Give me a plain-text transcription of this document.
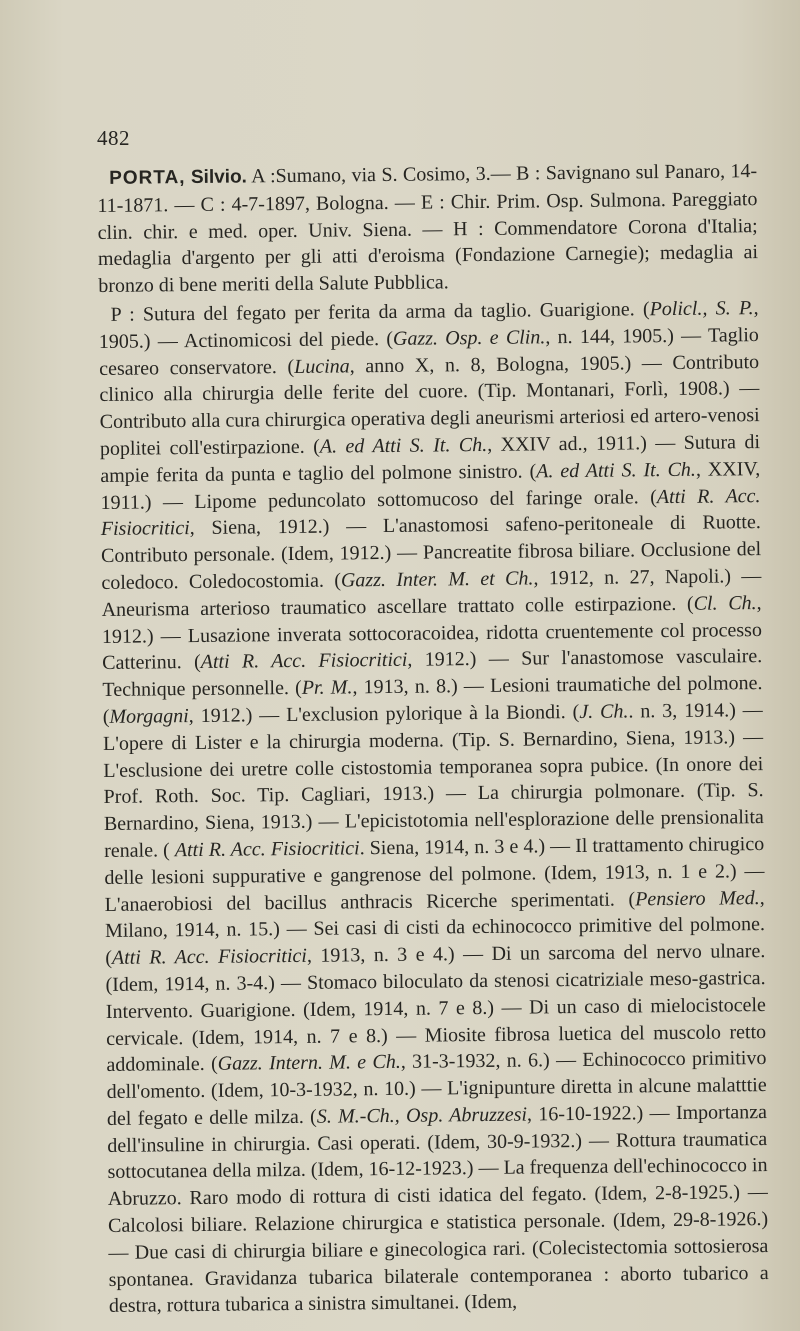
482

PORTA, Silvio. A :Sumano, via S. Cosimo, 3.— B : Savignano sul Panaro, 14-11-1871. — C : 4-7-1897, Bologna. — E : Chir. Prim. Osp. Sulmona. Pareggiato clin. chir. e med. oper. Univ. Siena. — H : Commendatore Corona d'Italia; medaglia d'argento per gli atti d'eroisma (Fondazione Carnegie); medaglia ai bronzo di bene meriti della Salute Pubblica.

P : Sutura del fegato per ferita da arma da taglio. Guarigione. (Policl., S. P., 1905.) — Actinomicosi del piede. (Gazz. Osp. e Clin., n. 144, 1905.) — Taglio cesareo conservatore. (Lucina, anno X, n. 8, Bologna, 1905.) — Contributo clinico alla chirurgia delle ferite del cuore. (Tip. Montanari, Forlì, 1908.) — Contributo alla cura chirurgica operativa degli aneurismi arteriosi ed artero-venosi poplitei coll'estirpazione. (A. ed Atti S. It. Ch., XXIV ad., 1911.) — Sutura di ampie ferita da punta e taglio del polmone sinistro. (A. ed Atti S. It. Ch., XXIV, 1911.) — Lipome peduncolato sottomucoso del faringe orale. (Atti R. Acc. Fisiocritici, Siena, 1912.) — L'anastomosi safeno-peritoneale di Ruotte. Contributo personale. (Idem, 1912.) — Pancreatite fibrosa biliare. Occlusione del coledoco. Coledocostomia. (Gazz. Inter. M. et Ch., 1912, n. 27, Napoli.) — Aneurisma arterioso traumatico ascellare trattato colle estirpazione. (Cl. Ch., 1912.) — Lusazione inverata sottocoracoidea, ridotta cruentemente col processo Catterinu. (Atti R. Acc. Fisiocritici, 1912.) — Sur l'anastomose vasculaire. Technique personnelle. (Pr. M., 1913, n. 8.) — Lesioni traumatiche del polmone. (Morgagni, 1912.) — L'exclusion pylorique à la Biondi. (J. Ch.. n. 3, 1914.) — L'opere di Lister e la chirurgia moderna. (Tip. S. Bernardino, Siena, 1913.) — L'esclusione dei uretre colle cistostomia temporanea sopra pubice. (In onore dei Prof. Roth. Soc. Tip. Cagliari, 1913.) — La chirurgia polmonare. (Tip. S. Bernardino, Siena, 1913.) — L'epicistotomia nell'esplorazione delle prensionalita renale. ( Atti R. Acc. Fisiocritici. Siena, 1914, n. 3 e 4.) — Il trattamento chirugico delle lesioni suppurative e gangrenose del polmone. (Idem, 1913, n. 1 e 2.) — L'anaerobiosi del bacillus anthracis Ricerche sperimentati. (Pensiero Med., Milano, 1914, n. 15.) — Sei casi di cisti da echinococco primitive del polmone. (Atti R. Acc. Fisiocritici, 1913, n. 3 e 4.) — Di un sarcoma del nervo ulnare. (Idem, 1914, n. 3-4.) — Stomaco biloculato da stenosi cicatriziale meso-gastrica. Intervento. Guarigione. (Idem, 1914, n. 7 e 8.) — Di un caso di mielocistocele cervicale. (Idem, 1914, n. 7 e 8.) — Miosite fibrosa luetica del muscolo retto addominale. (Gazz. Intern. M. e Ch., 31-3-1932, n. 6.) — Echinococco primitivo dell'omento. (Idem, 10-3-1932, n. 10.) — L'ignipunture diretta in alcune malatttie del fegato e delle milza. (S. M.-Ch., Osp. Abruzzesi, 16-10-1922.) — Importanza dell'insuline in chirurgia. Casi operati. (Idem, 30-9-1932.) — Rottura traumatica sottocutanea della milza. (Idem, 16-12-1923.) — La frequenza dell'echinococco in Abruzzo. Raro modo di rottura di cisti idatica del fegato. (Idem, 2-8-1925.) — Calcolosi biliare. Relazione chirurgica e statistica personale. (Idem, 29-8-1926.) — Due casi di chirurgia biliare e ginecologica rari. (Colecistectomia sottosierosa spontanea. Gravidanza tubarica bilaterale contemporanea : aborto tubarico a destra, rottura tubarica a sinistra simultanei. (Idem,
